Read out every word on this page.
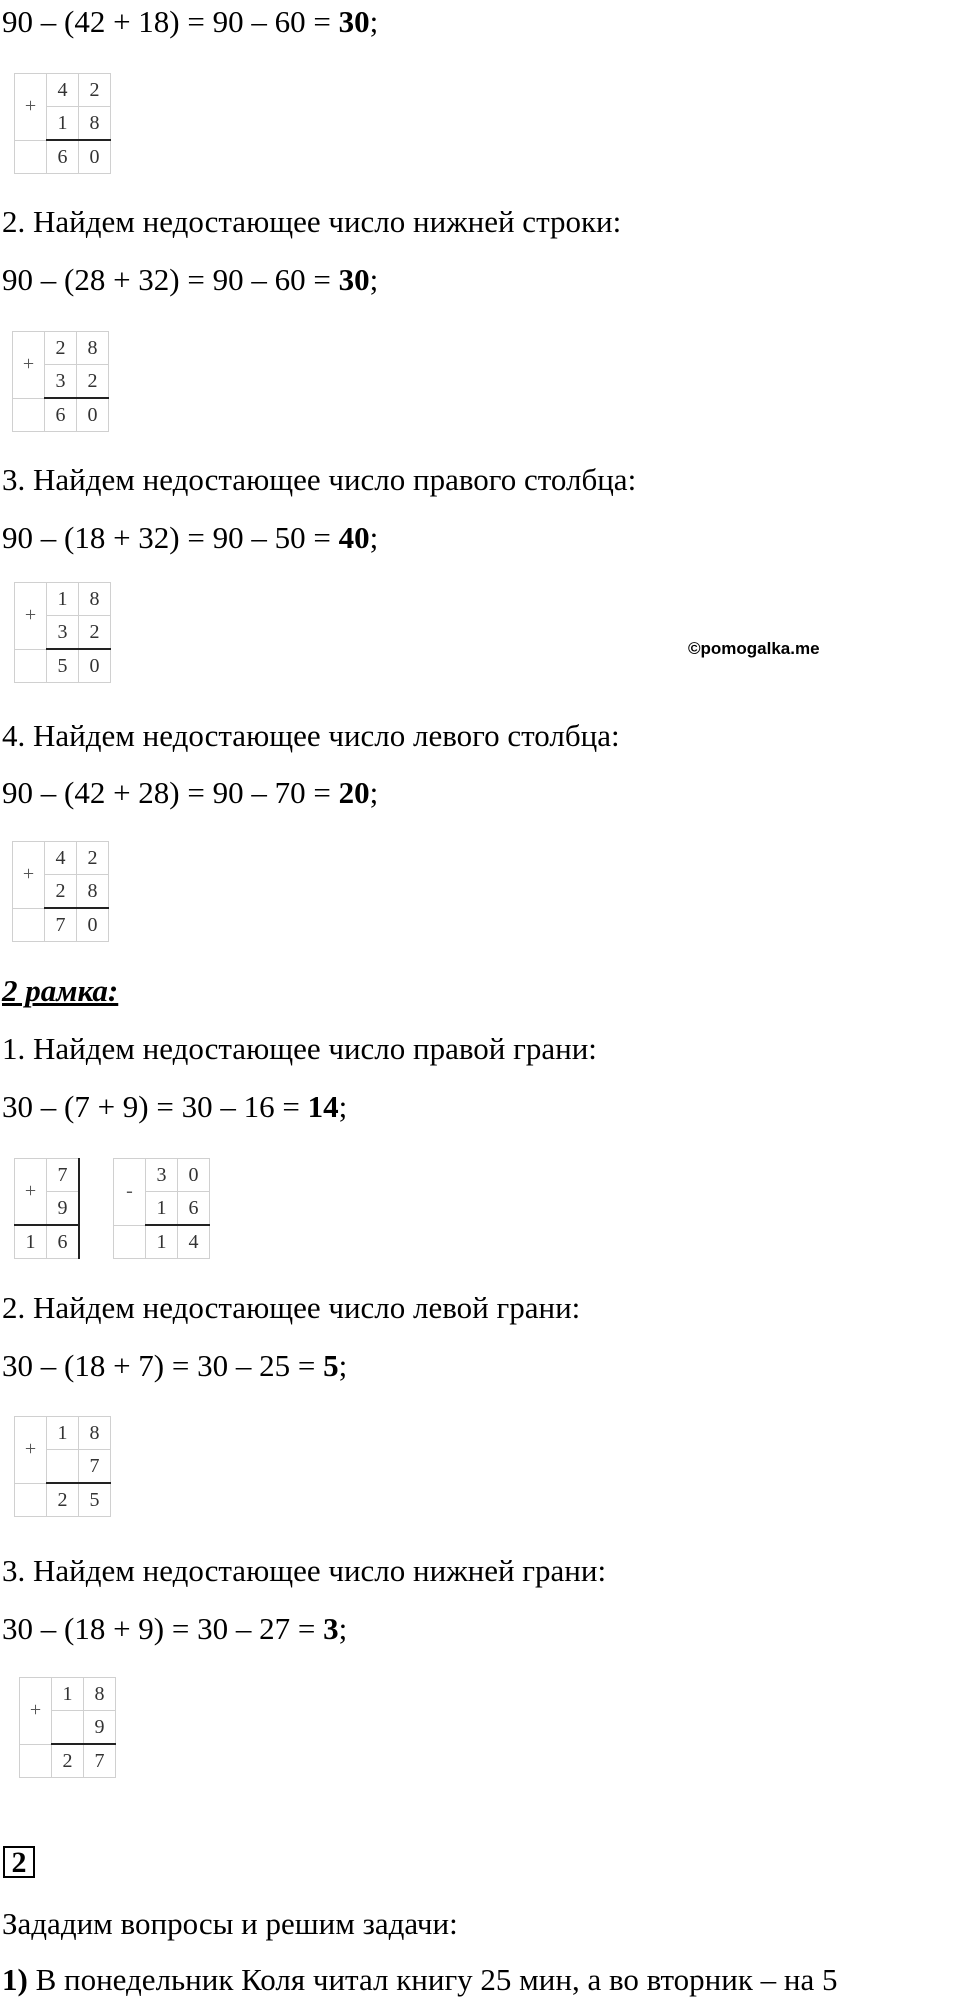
90 – (42 + 18) = 90 – 60 = 30;
+	4	2
	1	8
	6	0
2. Найдем недостающее число нижней строки:
90 – (28 + 32) = 90 – 60 = 30;
+	2	8
	3	2
	6	0
3. Найдем недостающее число правого столбца:
90 – (18 + 32) = 90 – 50 = 40;
+	1	8
	3	2
	5	0
©pomogalka.me
4. Найдем недостающее число левого столбца:
90 – (42 + 28) = 90 – 70 = 20;
+	4	2
	2	8
	7	0
2 рамка:
1. Найдем недостающее число правой грани:
30 – (7 + 9) = 30 – 16 = 14;
+	7
	9
1	6
-	3	0
	1	6
	1	4
2. Найдем недостающее число левой грани:
30 – (18 + 7) = 30 – 25 = 5;
+	1	8
		7
	2	5
3. Найдем недостающее число нижней грани:
30 – (18 + 9) = 30 – 27 = 3;
+	1	8
		9
	2	7
2
Зададим вопросы и решим задачи:
1) В понедельник Коля читал книгу 25 мин, а во вторник – на 5
